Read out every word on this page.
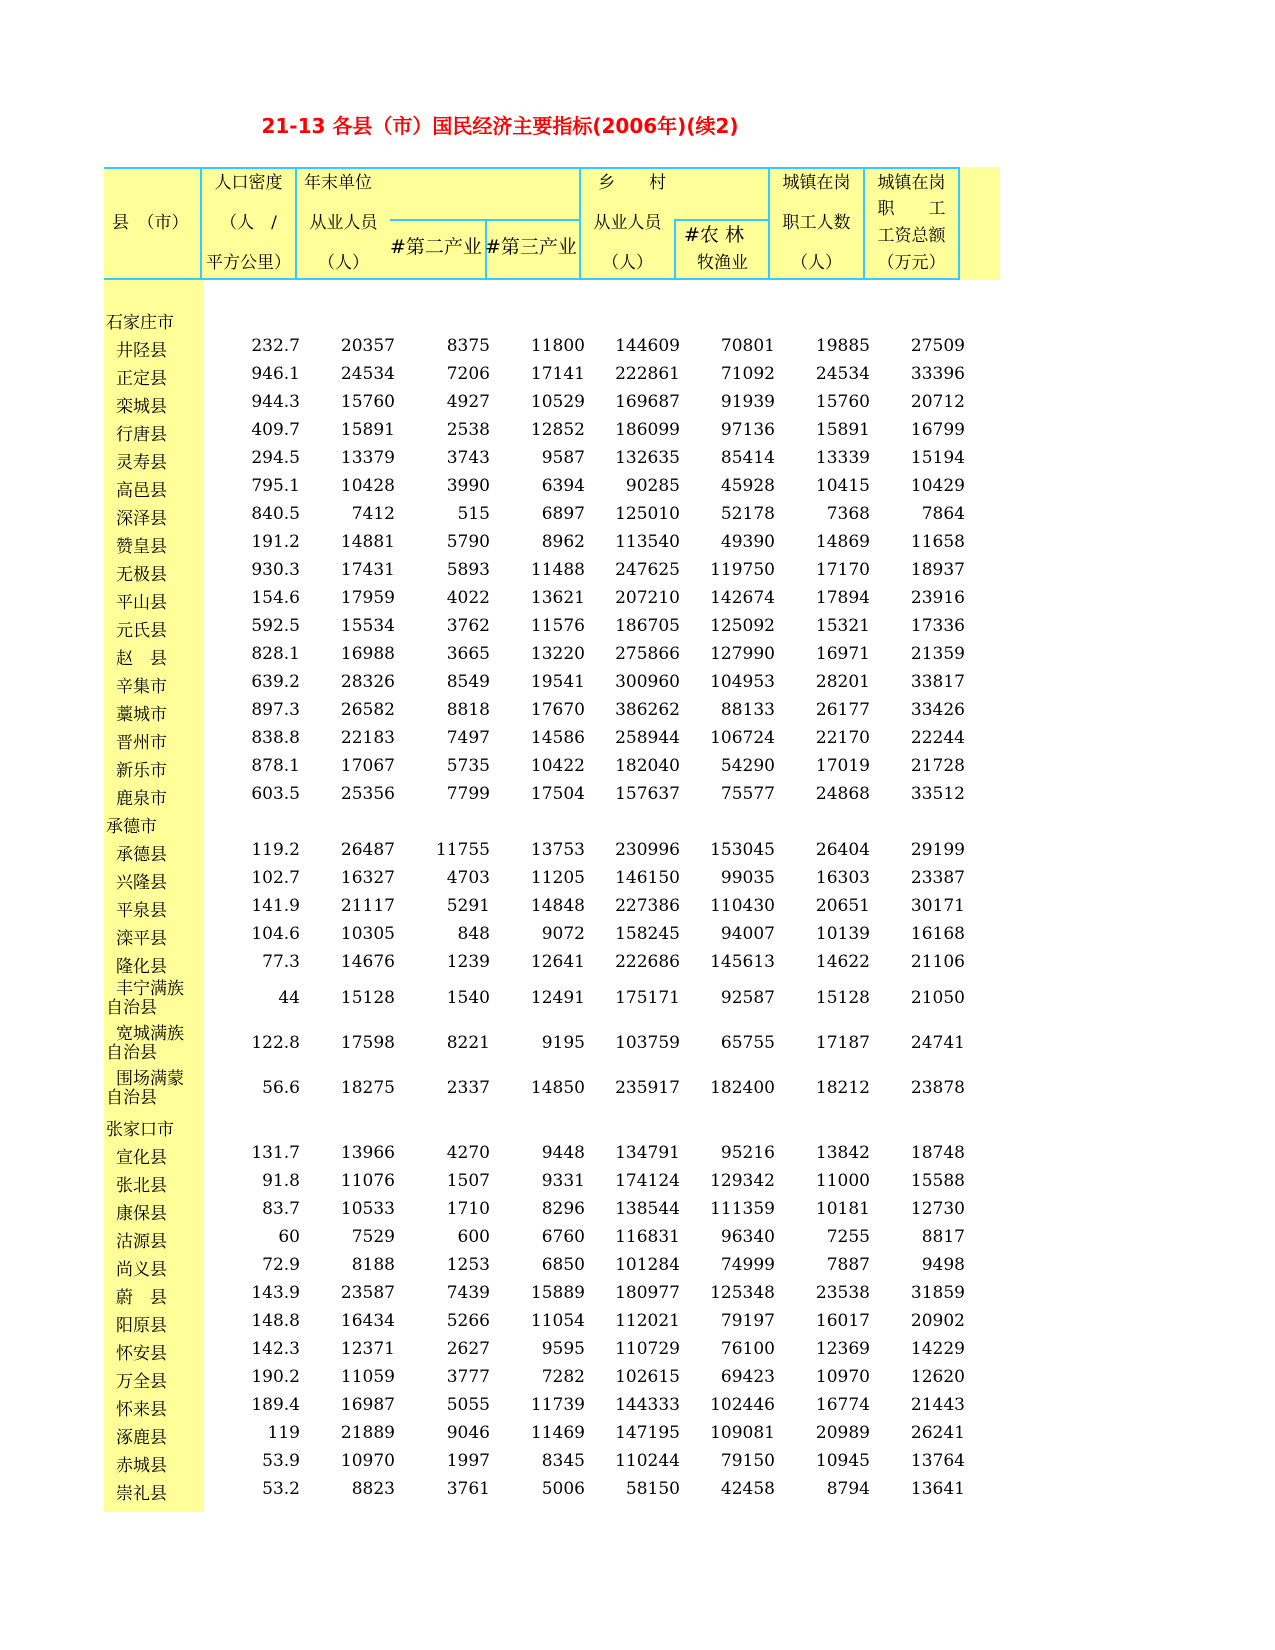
21-13 各县（市）国民经济主要指标(2006年)(续2)
县　（市）
人口密度
（人　/
平方公里）
年末单位
从业人员
（人）
#第二产业 #第三产业
乡　　村
从业人员
（人）
#农 林
牧渔业
城镇在岗
职工人数
（人）
城镇在岗
职　　工
工资总额
（万元）
石家庄市
井陉县	232.7 20357	8375 11800 144609 70801 19885 27509
正定县	946.1 24534	7206 17141 222861 71092 24534 33396
栾城县	944.3 15760	4927 10529 169687 91939 15760 20712
行唐县	409.7 15891	2538 12852 186099 97136 15891 16799
灵寿县	294.5 13379	3743	9587 132635 85414 13339 15194
高邑县	795.1 10428	3990	6394 90285 45928 10415 10429
深泽县	840.5	7412	515	6897 125010 52178	7368	7864
赞皇县	191.2 14881	5790	8962 113540 49390 14869 11658
无极县	930.3 17431	5893 11488 247625 119750 17170 18937
平山县	154.6 17959	4022 13621 207210 142674 17894 23916
元氏县	592.5 15534	3762 11576 186705 125092 15321 17336
赵　县	828.1 16988	3665 13220 275866 127990 16971 21359
辛集市	639.2 28326	8549 19541 300960 104953 28201 33817
藁城市	897.3 26582	8818 17670 386262 88133 26177 33426
晋州市	838.8 22183	7497 14586 258944 106724 22170 22244
新乐市	878.1 17067	5735 10422 182040 54290 17019 21728
鹿泉市	603.5 25356	7799 17504 157637 75577 24868 33512
承德市
承德县	119.2 26487 11755 13753 230996 153045 26404 29199
兴隆县	102.7 16327	4703 11205 146150 99035 16303 23387
平泉县	141.9 21117	5291 14848 227386 110430 20651 30171
滦平县	104.6 10305	848	9072 158245 94007 10139 16168
隆化县	77.3 14676	1239 12641 222686 145613 14622 21106
丰宁满族
自治县	44 15128	1540 12491 175171 92587 15128 21050
宽城满族
自治县	122.8 17598	8221	9195 103759 65755 17187 24741
围场满蒙
自治县	56.6 18275	2337 14850 235917 182400 18212 23878
张家口市
宣化县	131.7 13966	4270	9448 134791 95216 13842 18748
张北县	91.8 11076	1507	9331 174124 129342 11000 15588
康保县	83.7 10533	1710	8296 138544 111359 10181 12730
沽源县	60	7529	600	6760 116831 96340	7255	8817
尚义县	72.9	8188	1253	6850 101284 74999	7887	9498
蔚　县	143.9 23587	7439 15889 180977 125348 23538 31859
阳原县	148.8 16434	5266 11054 112021 79197 16017 20902
怀安县	142.3 12371	2627	9595 110729 76100 12369 14229
万全县	190.2 11059	3777	7282 102615 69423 10970 12620
怀来县	189.4 16987	5055 11739 144333 102446 16774 21443
涿鹿县	119 21889	9046 11469 147195 109081 20989 26241
赤城县	53.9 10970	1997	8345 110244 79150 10945 13764
崇礼县	53.2	8823	3761	5006 58150 42458	8794 13641
